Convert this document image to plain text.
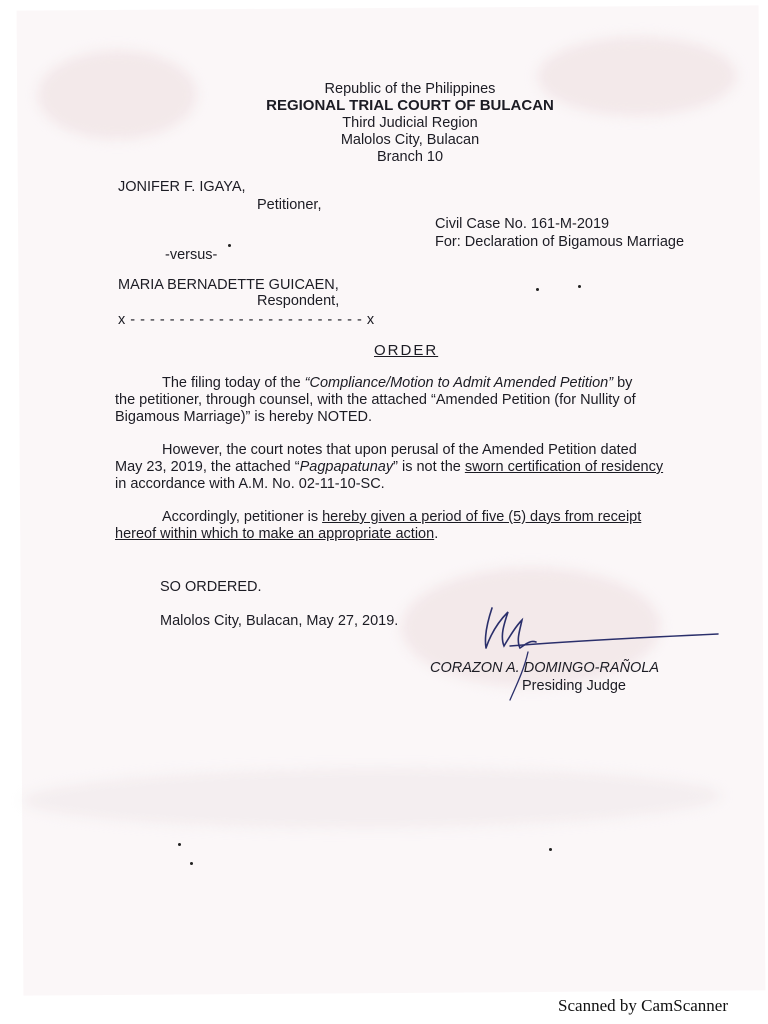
Republic of the Philippines
REGIONAL TRIAL COURT OF BULACAN
Third Judicial Region
Malolos City, Bulacan
Branch 10
JONIFER F. IGAYA,
Petitioner,
Civil Case No. 161-M-2019
For: Declaration of Bigamous Marriage
-versus-
MARIA BERNADETTE GUICAEN,
Respondent,
x - - - - - - - - - - - - - - - - - - - - - - - - x
ORDER
The filing today of the “Compliance/Motion to Admit Amended Petition” by
the petitioner, through counsel, with the attached “Amended Petition (for Nullity of
Bigamous Marriage)” is hereby NOTED.
However, the court notes that upon perusal of the Amended Petition dated
May 23, 2019, the attached “Pagpapatunay” is not the sworn certification of residency
in accordance with A.M. No. 02-11-10-SC.
Accordingly, petitioner is hereby given a period of five (5) days from receipt
hereof within which to make an appropriate action.
SO ORDERED.
Malolos City, Bulacan, May 27, 2019.
CORAZON A. DOMINGO-RAÑOLA
Presiding Judge
Scanned by CamScanner
